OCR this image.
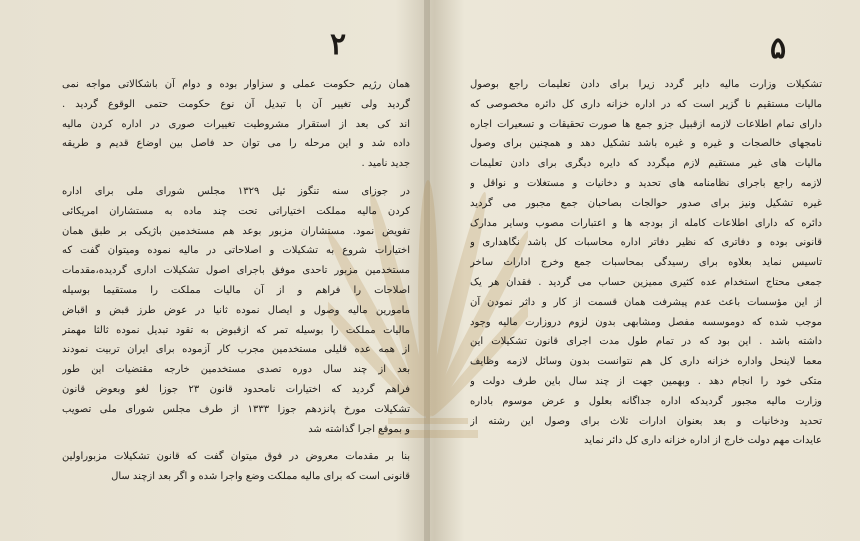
۲
همان رژیم حکومت عملی و سزاوار بوده و دوام آن باشکالاتی مواجه نمی
گردید ولی تغییر آن با تبدیل آن نوع حکومت حتمی الوقوع گردید .
اند کی بعد از استقرار مشروطیت تغییرات صوری در اداره کردن مالیه
داده شد و این مرحله را می توان حد فاصل بین اوضاع قدیم و طریقه
جدید نامید .
در جوزای سنه تنگوز ئیل ۱۳۲۹ مجلس شورای ملی برای اداره
کردن مالیه مملکت اختیاراتی تحت چند ماده به مستشاران امریکائی
تفویض نمود. مستشاران مزبور بوعد هم مستخدمین باژیکی بر طبق همان
اختیارات شروع به تشکیلات و اصلاحاتی در مالیه نموده ومیتوان گفت که
مستخدمین مزبور تاحدی موفق باجرای اصول تشکیلات اداری گردیده،مقدمات
اصلاحات را فراهم و از آن مالیات مملکت را مستقیما بوسیله
مامورین مالیه وصول و ایصال نموده ثانیا در عوض طرز قبض و اقباض
مالیات مملکت را بوسیله تمر که ازقبوض به تقود تبدیل نموده ثالثا مهمتر
از همه عده قلیلی مستخدمین مجرب کار آزموده برای ایران تربیت نمودند
بعد از چند سال دوره تصدی مستخدمین خارجه مقتضیات این طور
فراهم گردید که اختیارات نامحدود قانون ۲۳ جوزا لغو وبعوض قانون
تشکیلات مورخ پانزدهم جوزا ۱۳۳۳ از طرف مجلس شورای ملی تصویب
و بموقع اجرا گذاشته شد
بنا بر مقدمات معروض در فوق میتوان گفت که قانون تشکیلات مزبوراولین
قانونی است که برای مالیه مملکت وضع واجرا شده و اگر بعد ازچند سال
۵
تشکیلات وزارت مالیه دایر گردد زیرا برای دادن تعلیمات راجع بوصول
مالیات مستقیم نا گزیر است که در اداره خزانه داری کل دائره مخصوصی که
دارای تمام اطلاعات لازمه ازقبیل جزو جمع ها صورت تحقیقات و تسعیرات اجاره
نامجهای خالصجات و غیره و غیره باشد تشکیل دهد و همچنین برای وصول
مالیات های غیر مستقیم لازم میگردد که دایره دیگری برای دادن تعلیمات
لازمه راجع باجرای نظامنامه های تحدید و دخانیات و مستغلات و نواقل و
غیره تشکیل ونیز برای صدور حوالجات بصاحبان جمع مجبور می گردید
دائره که دارای اطلاعات کامله از بودجه ها و اعتبارات مصوب وسایر مدارک
قانونی بوده و دفاتری که نظیر دفاتر اداره محاسبات کل باشد نگاهداری و
تاسیس نماید بعلاوه برای رسیدگی بمحاسبات جمع وخرج ادارات ساخر
جمعی محتاج استخدام عده کثیری ممیزین حساب می گردید . فقدان هر یک
از این مؤسسات باعث عدم پیشرفت همان قسمت از کار و داثر نمودن آن
موجب شده که دوموسسه مفصل ومشابهی بدون لزوم دروزارت مالیه وجود
داشته باشد . این بود که در تمام طول مدت اجرای قانون تشکیلات این
معما لاینحل واداره خزانه داری کل هم نتوانست بدون وسائل لازمه وظایف
متکی خود را انجام دهد . وبهمین جهت از چند سال باین طرف دولت و
وزارت مالیه مجبور گردیدکه اداره جداگانه بعلول و عرض موسوم باداره
تحدید ودخانیات و بعد بعنوان ادارات ثلاث برای وصول این رشته از
عایدات مهم دولت خارج از اداره خزانه داری کل دائر نماید
